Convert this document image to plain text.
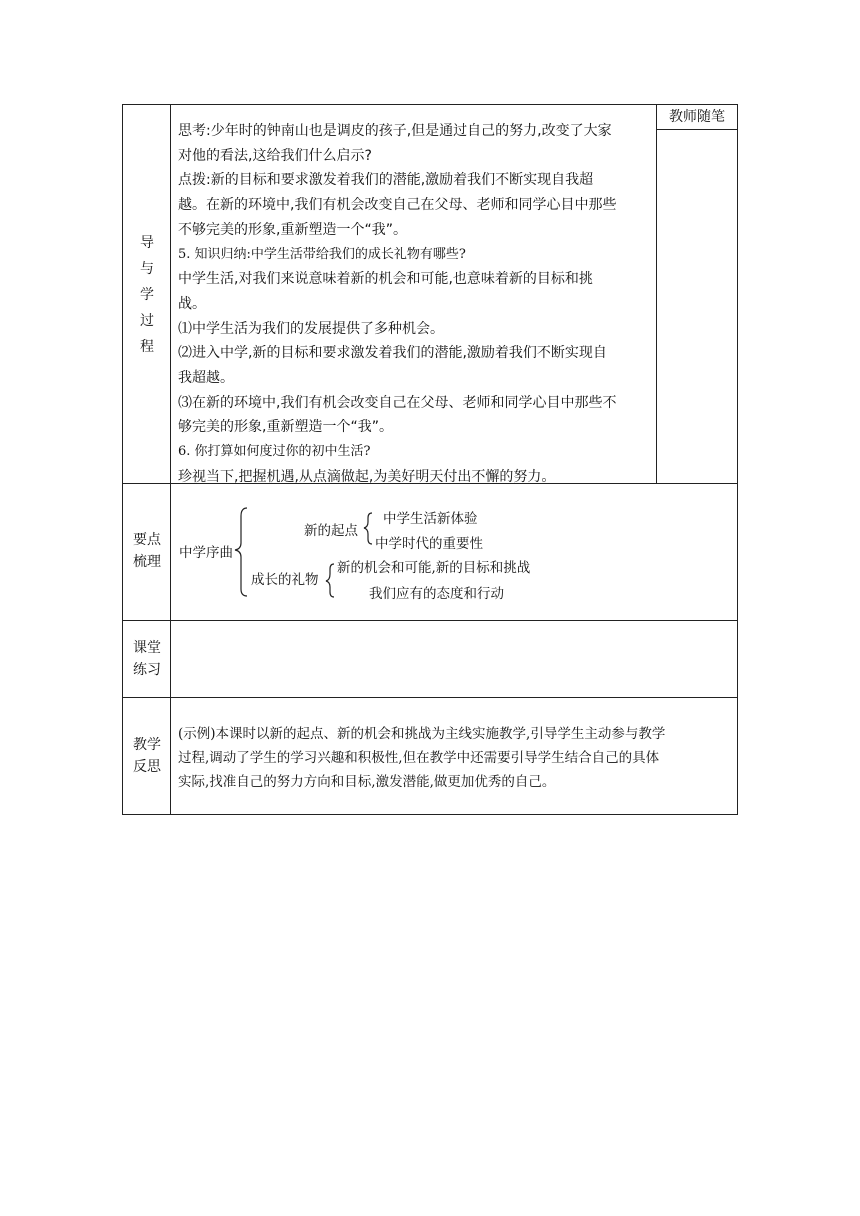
导
与
学
过
程

思考:少年时的钟南山也是调皮的孩子,但是通过自己的努力,改变了大家

对他的看法,这给我们什么启示?

点拨:新的目标和要求激发着我们的潜能,激励着我们不断实现自我超

越。在新的环境中,我们有机会改变自己在父母、老师和同学心目中那些

不够完美的形象,重新塑造一个“我”。

5. 知识归纳:中学生活带给我们的成长礼物有哪些?

中学生活,对我们来说意味着新的机会和可能,也意味着新的目标和挑

战。

⑴中学生活为我们的发展提供了多种机会。

⑵进入中学,新的目标和要求激发着我们的潜能,激励着我们不断实现自

我超越。

⑶在新的环境中,我们有机会改变自己在父母、老师和同学心目中那些不

够完美的形象,重新塑造一个“我”。

6. 你打算如何度过你的初中生活?

珍视当下,把握机遇,从点滴做起,为美好明天付出不懈的努力。

教师随笔
要点
梳理
中学序曲
新的起点
中学生活新体验
中学时代的重要性
成长的礼物
新的机会和可能,新的目标和挑战
我们应有的态度和行动
课堂
练习
教学
反思
(示例)本课时以新的起点、新的机会和挑战为主线实施教学,引导学生主动参与教学
过程,调动了学生的学习兴趣和积极性,但在教学中还需要引导学生结合自己的具体
实际,找准自己的努力方向和目标,激发潜能,做更加优秀的自己。
